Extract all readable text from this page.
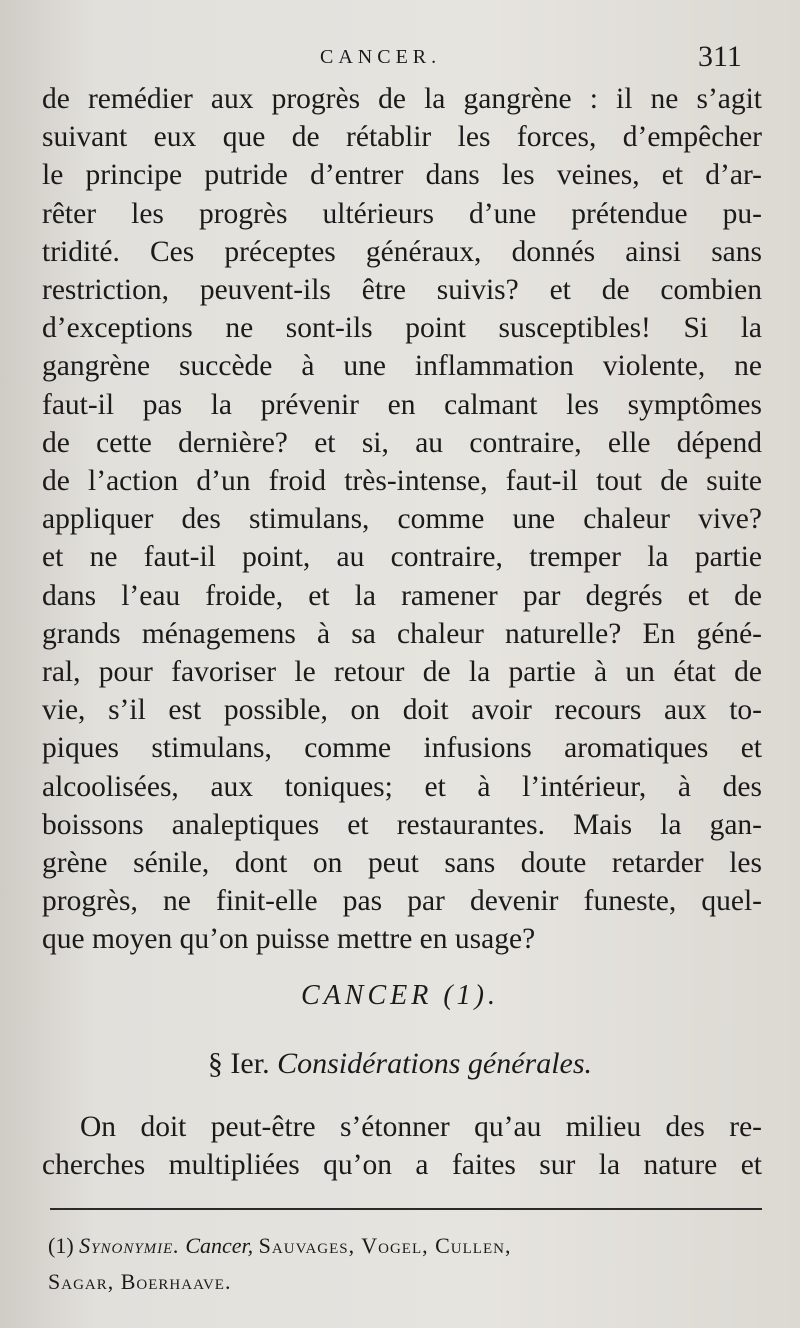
CANCER.	311
de remédier aux progrès de la gangrène : il ne s’agit
suivant eux que de rétablir les forces, d’empêcher
le principe putride d’entrer dans les veines, et d’ar-
rêter les progrès ultérieurs d’une prétendue pu-
tridité. Ces préceptes généraux, donnés ainsi sans
restriction, peuvent-ils être suivis? et de combien
d’exceptions ne sont-ils point susceptibles! Si la
gangrène succède à une inflammation violente, ne
faut-il pas la prévenir en calmant les symptômes
de cette dernière? et si, au contraire, elle dépend
de l’action d’un froid très-intense, faut-il tout de suite
appliquer des stimulans, comme une chaleur vive?
et ne faut-il point, au contraire, tremper la partie
dans l’eau froide, et la ramener par degrés et de
grands ménagemens à sa chaleur naturelle? En géné-
ral, pour favoriser le retour de la partie à un état de
vie, s’il est possible, on doit avoir recours aux to-
piques stimulans, comme infusions aromatiques et
alcoolisées, aux toniques; et à l’intérieur, à des
boissons analeptiques et restaurantes. Mais la gan-
grène sénile, dont on peut sans doute retarder les
progrès, ne finit-elle pas par devenir funeste, quel-
que moyen qu’on puisse mettre en usage?
CANCER (1).
§ Ier. Considérations générales.
On doit peut-être s’étonner qu’au milieu des re-
cherches multipliées qu’on a faites sur la nature et
(1) Synonymie. Cancer, Sauvages, Vogel, Cullen,
Sagar, Boerhaave.
